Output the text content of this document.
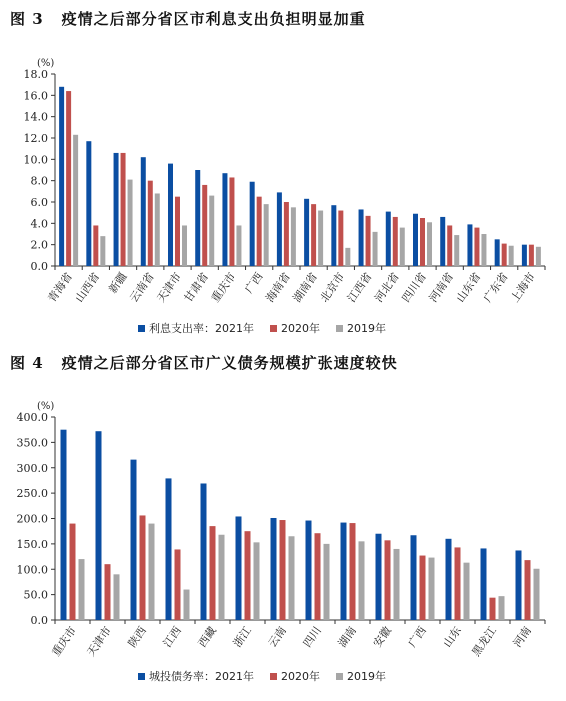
图 3 疫情之后部分省区市利息支出负担明显加重
(%)
0.0
2.0
4.0
6.0
8.0
10.0
12.0
14.0
16.0
18.0
青海省
山西省 新疆
云南省
天津市
甘肃省
重庆市 广西
海南省
湖南省
北京市
江西省
河北省
四川省
河南省
山东省
广东省
上海市
利息支出率：2021年 2020年 2019年
图 4 疫情之后部分省区市广义债务规模扩张速度较快
(%)
0.0
50.0
100.0
150.0
200.0
250.0
300.0
350.0
400.0
重庆市 天津市 陕西 江西 西藏 浙江 云南 四川 湖南 安徽 广西 山东 黑龙江 河南
城投债务率：2021年 2020年 2019年
